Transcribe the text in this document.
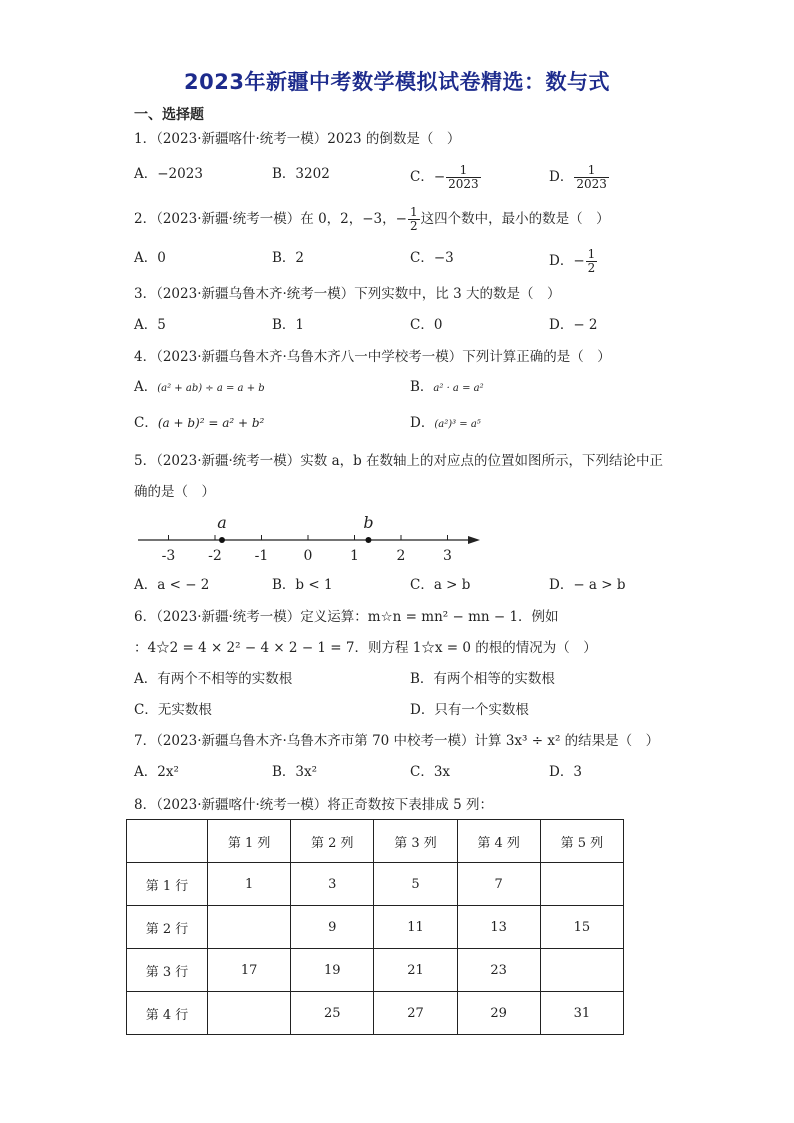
2023年新疆中考数学模拟试卷精选：数与式
一、选择题
1．（2023·新疆喀什·统考一模）2023 的倒数是（　）
A．−2023	B．3202	C．− $\frac{1}{2023}$	D． $\frac{1}{2023}$
2．（2023·新疆·统考一模）在 0，2，−3，− $\frac{1}{2}$ 这四个数中，最小的数是（　）
A．0	B．2	C．−3	D．− $\frac{1}{2}$
3．（2023·新疆乌鲁木齐·统考一模）下列实数中，比 3 大的数是（　）
A．5	B．1	C．0	D．− 2
4．（2023·新疆乌鲁木齐·乌鲁木齐八一中学校考一模）下列计算正确的是（　）
A．(a² + ab) ÷ a = a + b	B．a² · a = a²
C．(a + b)² = a² + b²	D．(a²)³ = a⁵
5．（2023·新疆·统考一模）实数 a，b 在数轴上的对应点的位置如图所示，下列结论中正
确的是（　）
-3 -2 -1	0	1	2	3
a	b
A．a < − 2	B．b < 1	C．a > b	D．− a > b
6．（2023·新疆·统考一模）定义运算：m☆n = mn² − mn − 1．例如
：4☆2 = 4 × 2² − 4 × 2 − 1 = 7．则方程 1☆x = 0 的根的情况为（　）
A．有两个不相等的实数根	B．有两个相等的实数根
C．无实数根	D．只有一个实数根
7．（2023·新疆乌鲁木齐·乌鲁木齐市第 70 中校考一模）计算 3x³ ÷ x² 的结果是（　）
A．2x²	B．3x²	C．3x	D．3
8．（2023·新疆喀什·统考一模）将正奇数按下表排成 5 列：
	第 1 列	第 2 列	第 3 列	第 4 列	第 5 列
第 1 行	1	3	5	7	
第 2 行		9	11	13	15
第 3 行	17	19	21	23	
第 4 行		25	27	29	31
